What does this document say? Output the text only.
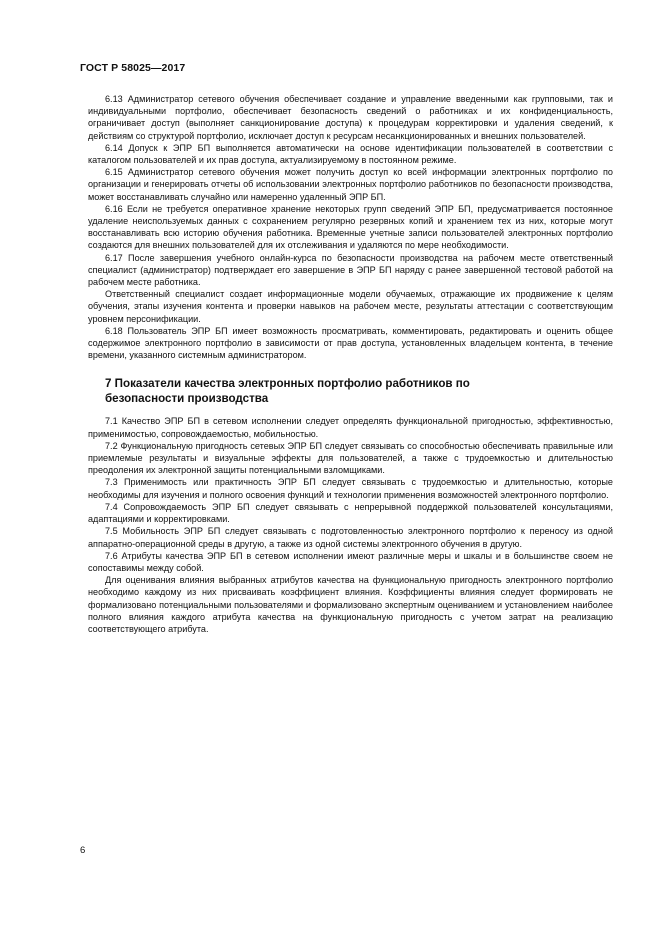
ГОСТ Р 58025—2017

6.13 Администратор сетевого обучения обеспечивает создание и управление введенными как групповыми, так и индивидуальными портфолио, обеспечивает безопасность сведений о работниках и их конфиденциальность, ограничивает доступ (выполняет санкционирование доступа) к процедурам корректировки и удаления сведений, к действиям со структурой портфолио, исключает доступ к ресурсам несанкционированных и внешних пользователей.

6.14 Допуск к ЭПР БП выполняется автоматически на основе идентификации пользователей в соответствии с каталогом пользователей и их прав доступа, актуализируемому в постоянном режиме.

6.15 Администратор сетевого обучения может получить доступ ко всей информации электронных портфолио по организации и генерировать отчеты об использовании электронных портфолио работников по безопасности производства, может восстанавливать случайно или намеренно удаленный ЭПР БП.

6.16 Если не требуется оперативное хранение некоторых групп сведений ЭПР БП, предусматривается постоянное удаление неиспользуемых данных с сохранением регулярно резервных копий и хранением тех из них, которые могут восстанавливать всю историю обучения работника. Временные учетные записи пользователей электронных портфолио создаются для внешних пользователей для их отслеживания и удаляются по мере необходимости.

6.17 После завершения учебного онлайн-курса по безопасности производства на рабочем месте ответственный специалист (администратор) подтверждает его завершение в ЭПР БП наряду с ранее завершенной тестовой работой на рабочем месте работника.

Ответственный специалист создает информационные модели обучаемых, отражающие их продвижение к целям обучения, этапы изучения контента и проверки навыков на рабочем месте, результаты аттестации с соответствующим уровнем персонификации.

6.18 Пользователь ЭПР БП имеет возможность просматривать, комментировать, редактировать и оценить общее содержимое электронного портфолио в зависимости от прав доступа, установленных владельцем контента, в течение времени, указанного системным администратором.

7 Показатели качества электронных портфолио работников по безопасности производства

7.1 Качество ЭПР БП в сетевом исполнении следует определять функциональной пригодностью, эффективностью, применимостью, сопровождаемостью, мобильностью.

7.2 Функциональную пригодность сетевых ЭПР БП следует связывать со способностью обеспечивать правильные или приемлемые результаты и визуальные эффекты для пользователей, а также с трудоемкостью и длительностью преодоления их электронной защиты потенциальными взломщиками.

7.3 Применимость или практичность ЭПР БП следует связывать с трудоемкостью и длительностью, которые необходимы для изучения и полного освоения функций и технологии применения возможностей электронного портфолио.

7.4 Сопровождаемость ЭПР БП следует связывать с непрерывной поддержкой пользователей консультациями, адаптациями и корректировками.

7.5 Мобильность ЭПР БП следует связывать с подготовленностью электронного портфолио к переносу из одной аппаратно-операционной среды в другую, а также из одной системы электронного обучения в другую.

7.6 Атрибуты качества ЭПР БП в сетевом исполнении имеют различные меры и шкалы и в большинстве своем не сопоставимы между собой.

Для оценивания влияния выбранных атрибутов качества на функциональную пригодность электронного портфолио необходимо каждому из них присваивать коэффициент влияния. Коэффициенты влияния следует формировать не формализовано потенциальными пользователями и формализовано экспертным оцениванием и установлением наиболее полного влияния каждого атрибута качества на функциональную пригодность с учетом затрат на реализацию соответствующего атрибута.

6
